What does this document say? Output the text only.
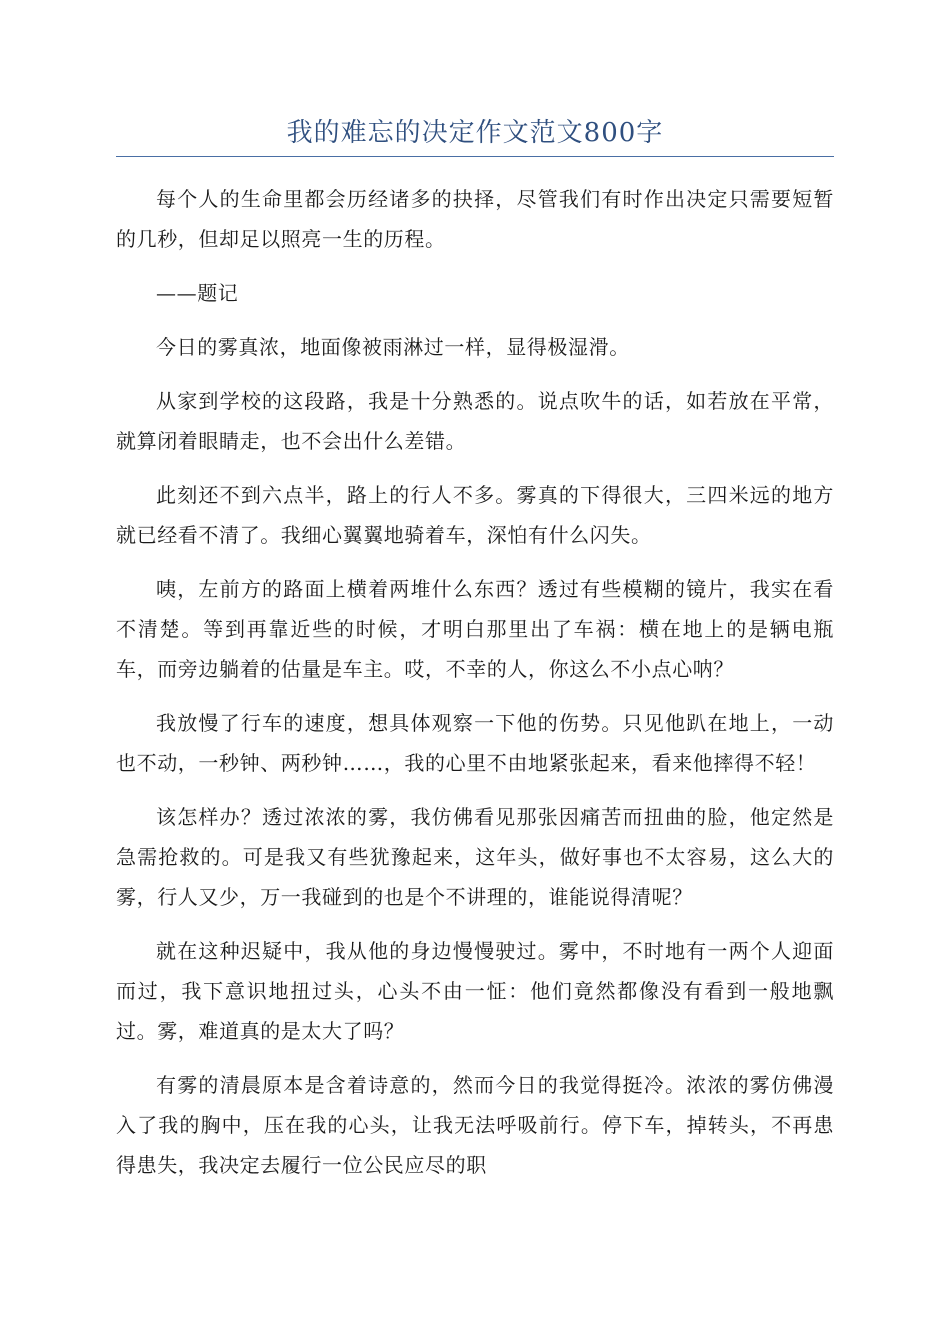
我的难忘的决定作文范文800字

每个人的生命里都会历经诸多的抉择，尽管我们有时作出决定只需要短暂的几秒，但却足以照亮一生的历程。

——题记

今日的雾真浓，地面像被雨淋过一样，显得极湿滑。

从家到学校的这段路，我是十分熟悉的。说点吹牛的话，如若放在平常，就算闭着眼睛走，也不会出什么差错。

此刻还不到六点半，路上的行人不多。雾真的下得很大，三四米远的地方就已经看不清了。我细心翼翼地骑着车，深怕有什么闪失。

咦，左前方的路面上横着两堆什么东西？透过有些模糊的镜片，我实在看不清楚。等到再靠近些的时候，才明白那里出了车祸：横在地上的是辆电瓶车，而旁边躺着的估量是车主。哎，不幸的人，你这么不小点心呐？

我放慢了行车的速度，想具体观察一下他的伤势。只见他趴在地上，一动也不动，一秒钟、两秒钟……，我的心里不由地紧张起来，看来他摔得不轻！

该怎样办？透过浓浓的雾，我仿佛看见那张因痛苦而扭曲的脸，他定然是急需抢救的。可是我又有些犹豫起来，这年头，做好事也不太容易，这么大的雾，行人又少，万一我碰到的也是个不讲理的，谁能说得清呢？

就在这种迟疑中，我从他的身边慢慢驶过。雾中，不时地有一两个人迎面而过，我下意识地扭过头，心头不由一怔：他们竟然都像没有看到一般地飘过。雾，难道真的是太大了吗？

有雾的清晨原本是含着诗意的，然而今日的我觉得挺冷。浓浓的雾仿佛漫入了我的胸中，压在我的心头，让我无法呼吸前行。停下车，掉转头，不再患得患失，我决定去履行一位公民应尽的职
